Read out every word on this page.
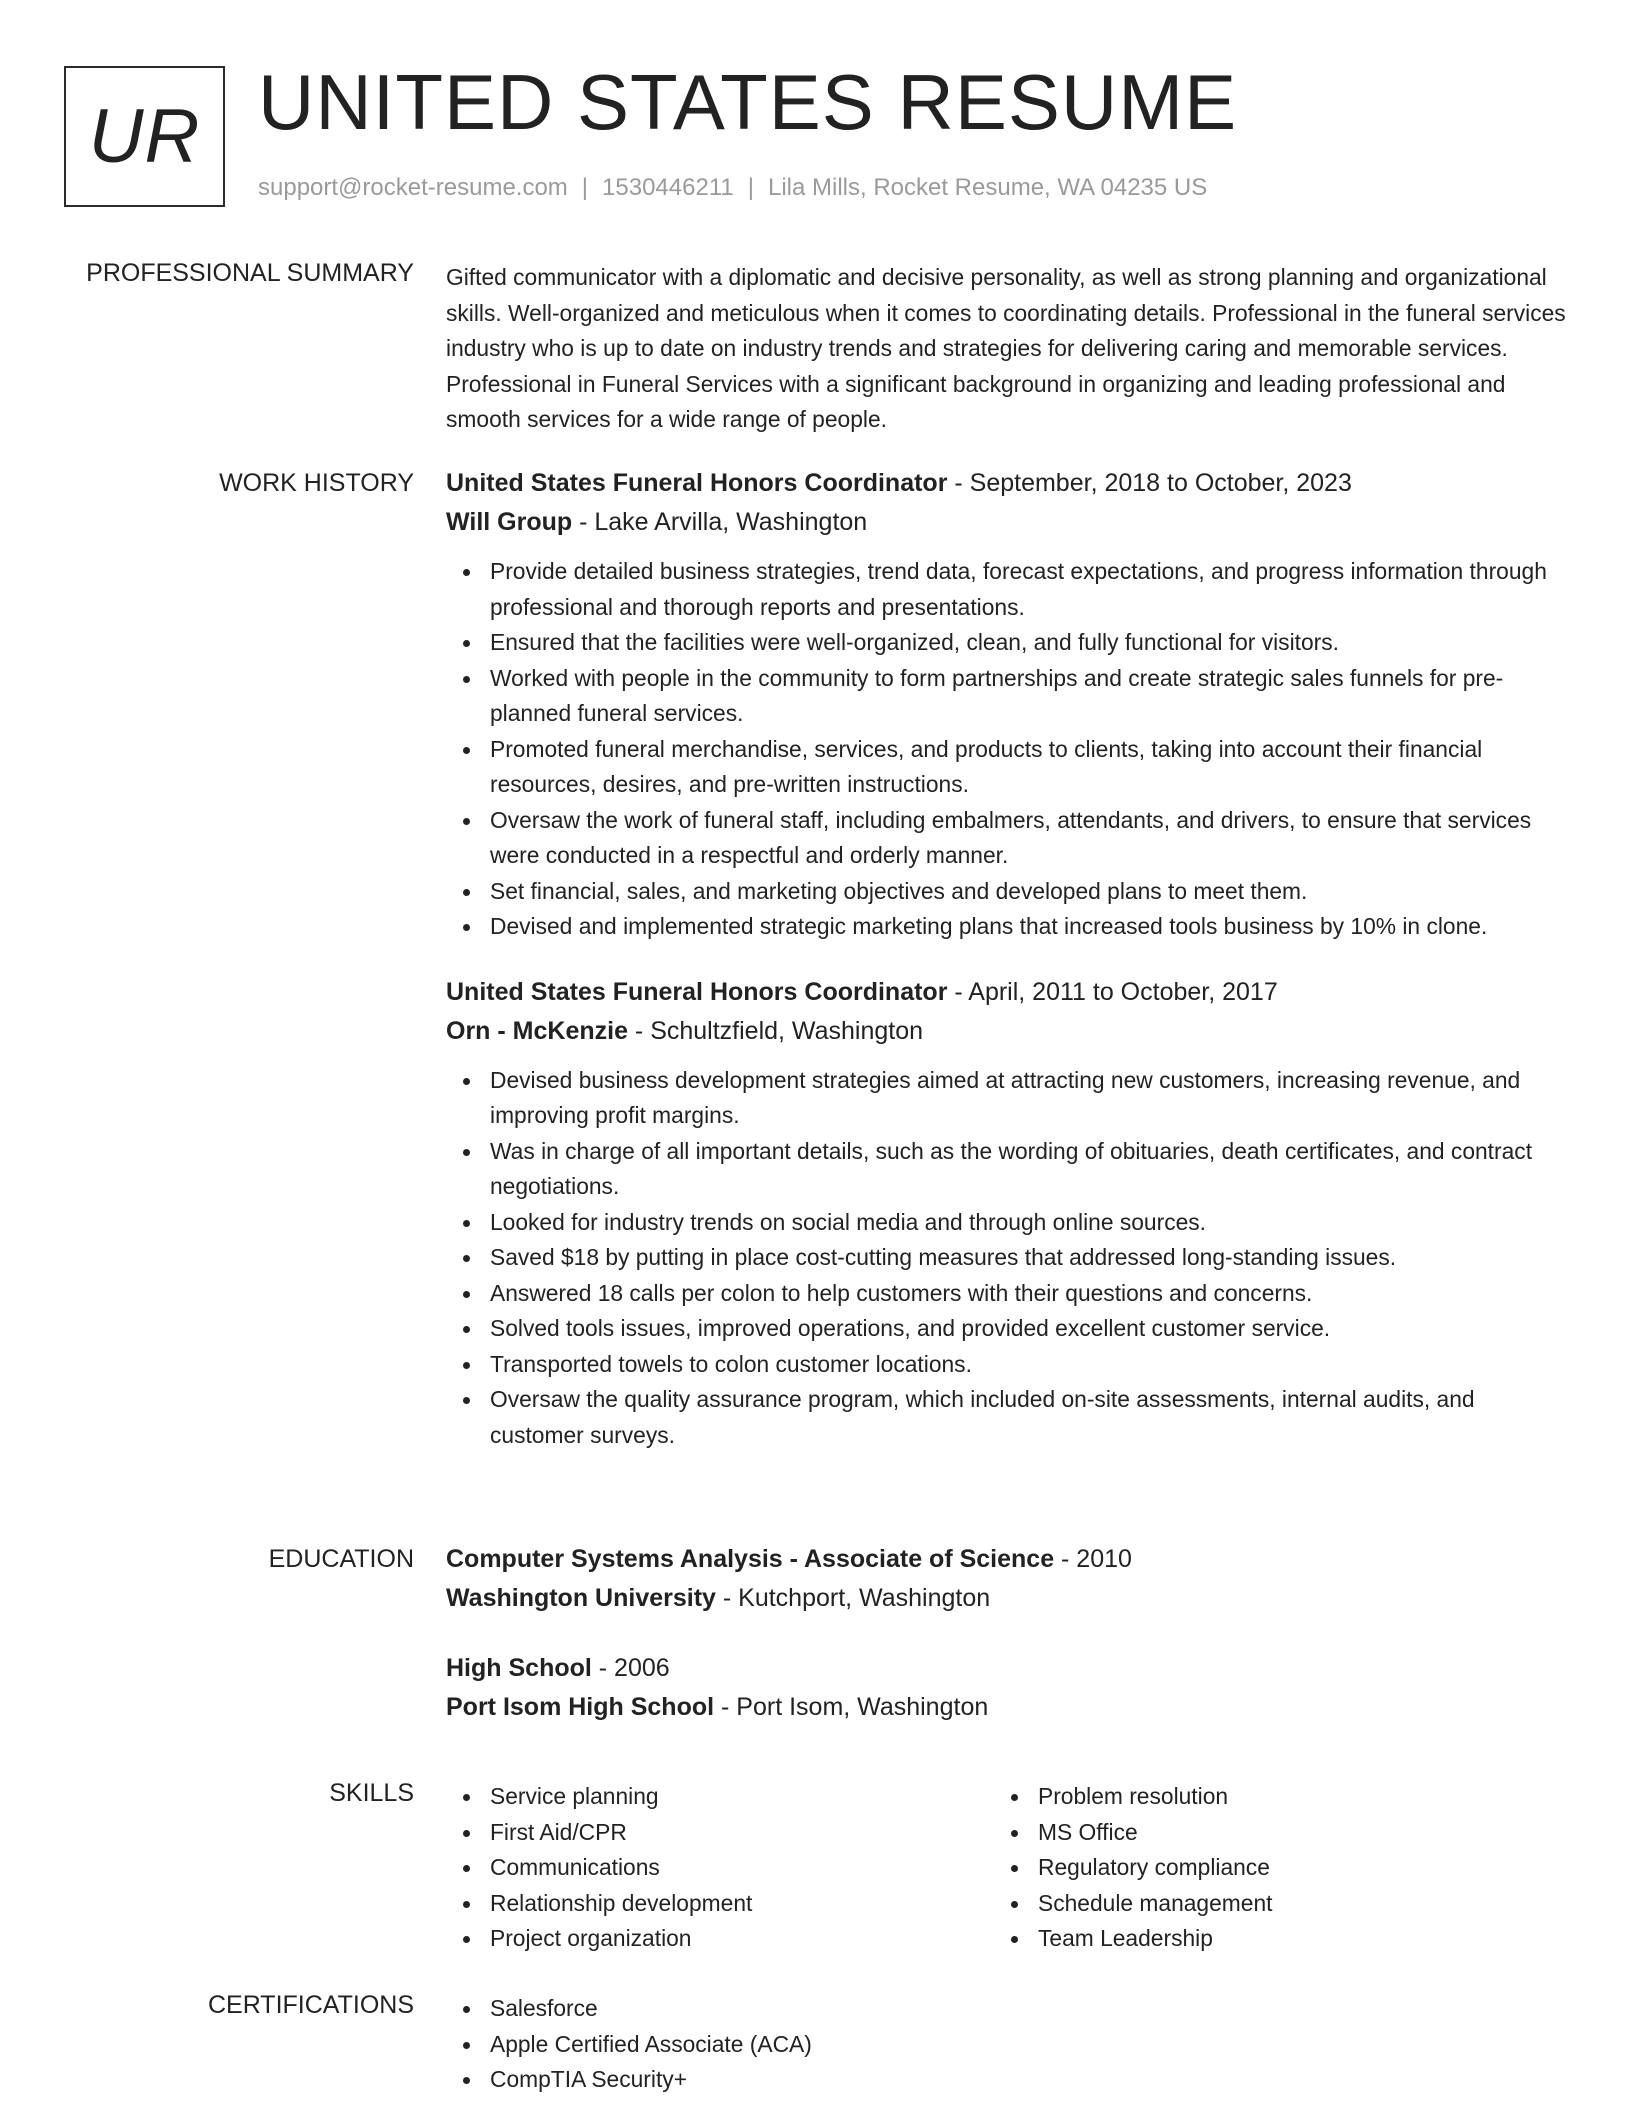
UR UNITED STATES RESUME
support@rocket-resume.com | 1530446211 | Lila Mills, Rocket Resume, WA 04235 US
PROFESSIONAL SUMMARY Gifted communicator with a diplomatic and decisive personality, as well as strong planning and organizational skills. Well-organized and meticulous when it comes to coordinating details. Professional in the funeral services industry who is up to date on industry trends and strategies for delivering caring and memorable services. Professional in Funeral Services with a significant background in organizing and leading professional and smooth services for a wide range of people.

WORK HISTORY United States Funeral Honors Coordinator - September, 2018 to October, 2023
Will Group - Lake Arvilla, Washington
Provide detailed business strategies, trend data, forecast expectations, and progress information through professional and thorough reports and presentations.
Ensured that the facilities were well-organized, clean, and fully functional for visitors.
Worked with people in the community to form partnerships and create strategic sales funnels for pre-planned funeral services.
Promoted funeral merchandise, services, and products to clients, taking into account their financial resources, desires, and pre-written instructions.
Oversaw the work of funeral staff, including embalmers, attendants, and drivers, to ensure that services were conducted in a respectful and orderly manner.
Set financial, sales, and marketing objectives and developed plans to meet them.
Devised and implemented strategic marketing plans that increased tools business by 10% in clone.
United States Funeral Honors Coordinator - April, 2011 to October, 2017
Orn - McKenzie - Schultzfield, Washington
Devised business development strategies aimed at attracting new customers, increasing revenue, and improving profit margins.
Was in charge of all important details, such as the wording of obituaries, death certificates, and contract negotiations.
Looked for industry trends on social media and through online sources.
Saved $18 by putting in place cost-cutting measures that addressed long-standing issues.
Answered 18 calls per colon to help customers with their questions and concerns.
Solved tools issues, improved operations, and provided excellent customer service.
Transported towels to colon customer locations.
Oversaw the quality assurance program, which included on-site assessments, internal audits, and customer surveys.
EDUCATION Computer Systems Analysis - Associate of Science - 2010
Washington University - Kutchport, Washington
High School - 2006
Port Isom High School - Port Isom, Washington
SKILLS	Service planning
First Aid/CPR
Communications
Relationship development
Project organization
Problem resolution
MS Office
Regulatory compliance
Schedule management
Team Leadership
CERTIFICATIONS	Salesforce
Apple Certified Associate (ACA)
CompTIA Security+
